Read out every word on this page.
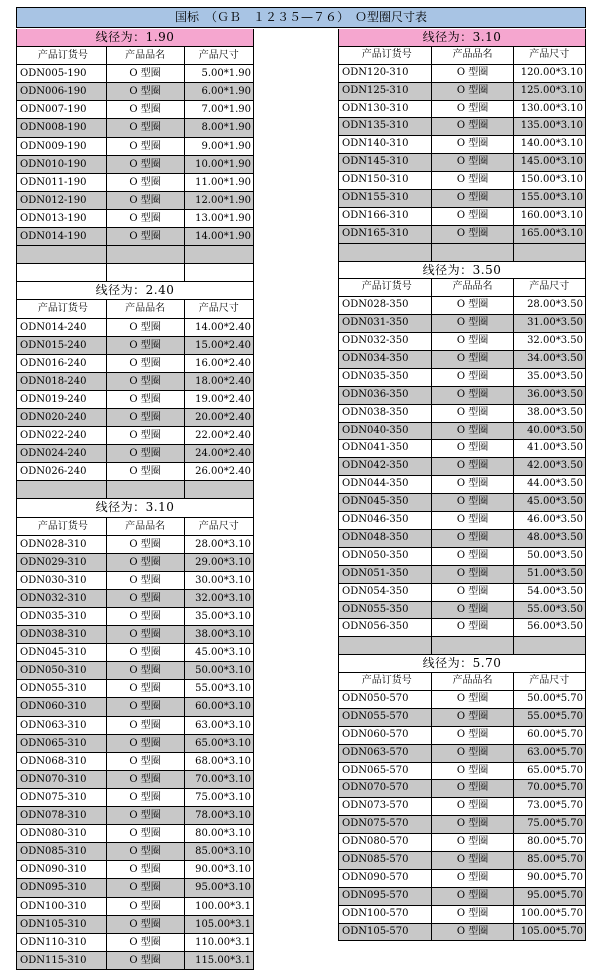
国标　（ＧＢ　１２３５—７６）　Ｏ型圈尺寸表
线径为：1.90
产品订货号	产品品名	产品尺寸
ODN005-190	O 型圈	5.00*1.90
ODN006-190	O 型圈	6.00*1.90
ODN007-190	O 型圈	7.00*1.90
ODN008-190	O 型圈	8.00*1.90
ODN009-190	O 型圈	9.00*1.90
ODN010-190	O 型圈	10.00*1.90
ODN011-190	O 型圈	11.00*1.90
ODN012-190	O 型圈	12.00*1.90
ODN013-190	O 型圈	13.00*1.90
ODN014-190	O 型圈	14.00*1.90
线径为：2.40
产品订货号	产品品名	产品尺寸
ODN014-240	O 型圈	14.00*2.40
ODN015-240	O 型圈	15.00*2.40
ODN016-240	O 型圈	16.00*2.40
ODN018-240	O 型圈	18.00*2.40
ODN019-240	O 型圈	19.00*2.40
ODN020-240	O 型圈	20.00*2.40
ODN022-240	O 型圈	22.00*2.40
ODN024-240	O 型圈	24.00*2.40
ODN026-240	O 型圈	26.00*2.40
线径为：3.10
产品订货号	产品品名	产品尺寸
ODN028-310	O 型圈	28.00*3.10
ODN029-310	O 型圈	29.00*3.10
ODN030-310	O 型圈	30.00*3.10
ODN032-310	O 型圈	32.00*3.10
ODN035-310	O 型圈	35.00*3.10
ODN038-310	O 型圈	38.00*3.10
ODN045-310	O 型圈	45.00*3.10
ODN050-310	O 型圈	50.00*3.10
ODN055-310	O 型圈	55.00*3.10
ODN060-310	O 型圈	60.00*3.10
ODN063-310	O 型圈	63.00*3.10
ODN065-310	O 型圈	65.00*3.10
ODN068-310	O 型圈	68.00*3.10
ODN070-310	O 型圈	70.00*3.10
ODN075-310	O 型圈	75.00*3.10
ODN078-310	O 型圈	78.00*3.10
ODN080-310	O 型圈	80.00*3.10
ODN085-310	O 型圈	85.00*3.10
ODN090-310	O 型圈	90.00*3.10
ODN095-310	O 型圈	95.00*3.10
ODN100-310	O 型圈	100.00*3.1
ODN105-310	O 型圈	105.00*3.1
ODN110-310	O 型圈	110.00*3.1
ODN115-310	O 型圈	115.00*3.1
线径为：3.10
产品订货号	产品品名	产品尺寸
ODN120-310	O 型圈	120.00*3.10
ODN125-310	O 型圈	125.00*3.10
ODN130-310	O 型圈	130.00*3.10
ODN135-310	O 型圈	135.00*3.10
ODN140-310	O 型圈	140.00*3.10
ODN145-310	O 型圈	145.00*3.10
ODN150-310	O 型圈	150.00*3.10
ODN155-310	O 型圈	155.00*3.10
ODN166-310	O 型圈	160.00*3.10
ODN165-310	O 型圈	165.00*3.10
线径为：3.50
产品订货号	产品品名	产品尺寸
ODN028-350	O 型圈	28.00*3.50
ODN031-350	O 型圈	31.00*3.50
ODN032-350	O 型圈	32.00*3.50
ODN034-350	O 型圈	34.00*3.50
ODN035-350	O 型圈	35.00*3.50
ODN036-350	O 型圈	36.00*3.50
ODN038-350	O 型圈	38.00*3.50
ODN040-350	O 型圈	40.00*3.50
ODN041-350	O 型圈	41.00*3.50
ODN042-350	O 型圈	42.00*3.50
ODN044-350	O 型圈	44.00*3.50
ODN045-350	O 型圈	45.00*3.50
ODN046-350	O 型圈	46.00*3.50
ODN048-350	O 型圈	48.00*3.50
ODN050-350	O 型圈	50.00*3.50
ODN051-350	O 型圈	51.00*3.50
ODN054-350	O 型圈	54.00*3.50
ODN055-350	O 型圈	55.00*3.50
ODN056-350	O 型圈	56.00*3.50
线径为：5.70
产品订货号	产品品名	产品尺寸
ODN050-570	O 型圈	50.00*5.70
ODN055-570	O 型圈	55.00*5.70
ODN060-570	O 型圈	60.00*5.70
ODN063-570	O 型圈	63.00*5.70
ODN065-570	O 型圈	65.00*5.70
ODN070-570	O 型圈	70.00*5.70
ODN073-570	O 型圈	73.00*5.70
ODN075-570	O 型圈	75.00*5.70
ODN080-570	O 型圈	80.00*5.70
ODN085-570	O 型圈	85.00*5.70
ODN090-570	O 型圈	90.00*5.70
ODN095-570	O 型圈	95.00*5.70
ODN100-570	O 型圈	100.00*5.70
ODN105-570	O 型圈	105.00*5.70
